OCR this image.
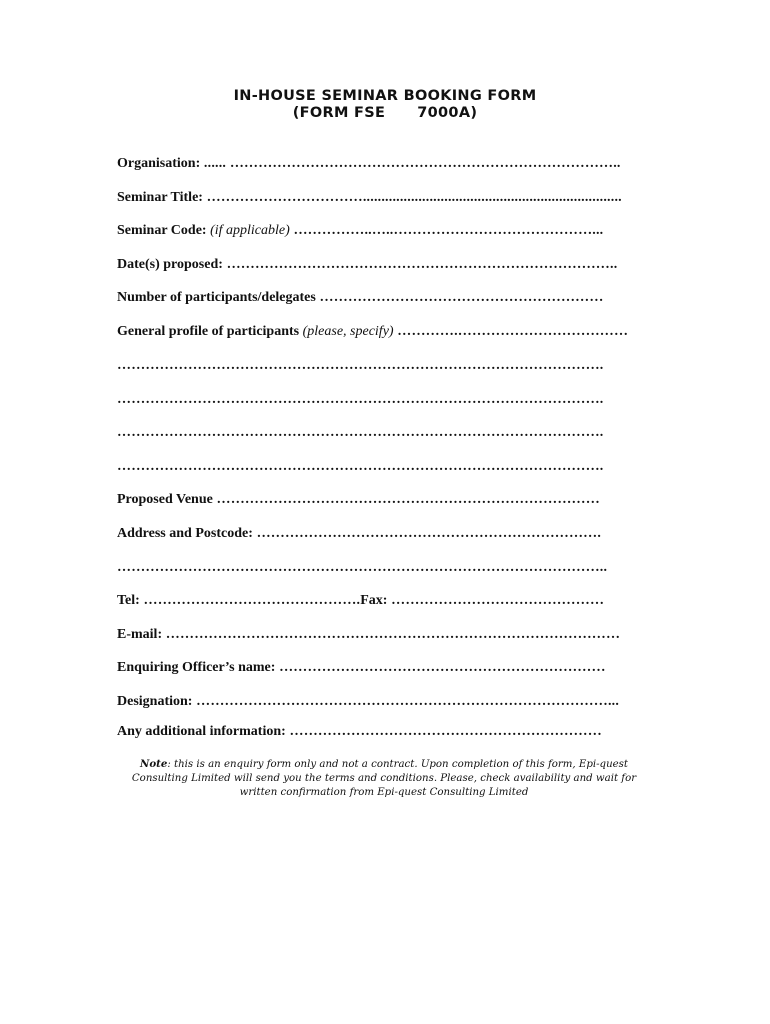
IN-HOUSE SEMINAR BOOKING FORM
(FORM FSE      7000A)
Organisation: ...... ………………………………………………………………………..
Seminar Title: ……………………………......................................................................
Seminar Code: (if applicable) ……………..…..……………………………………...
Date(s) proposed: ………………………………………………………………………..
Number of participants/delegates ……………………………………………………
General profile of participants (please, specify) ………….………………………………
………………………………………………………………………………………….
………………………………………………………………………………………….
………………………………………………………………………………………….
………………………………………………………………………………………….
Proposed Venue ………………………………………………………………………
Address and Postcode: ……………………………………………………………….
…………………………………………………………………………………………..
Tel: ……………………………………….Fax: ………………………………………
E-mail: ……………………………………………………………………………………
Enquiring Officer’s name: ……………………………………………………………
Designation: ……………………………………………………………………………...
Any additional information: …………………………………………………………
Note: this is an enquiry form only and not a contract. Upon completion of this form, Epi-quest
Consulting Limited will send you the terms and conditions. Please, check availability and wait for
written confirmation from Epi-quest Consulting Limited
